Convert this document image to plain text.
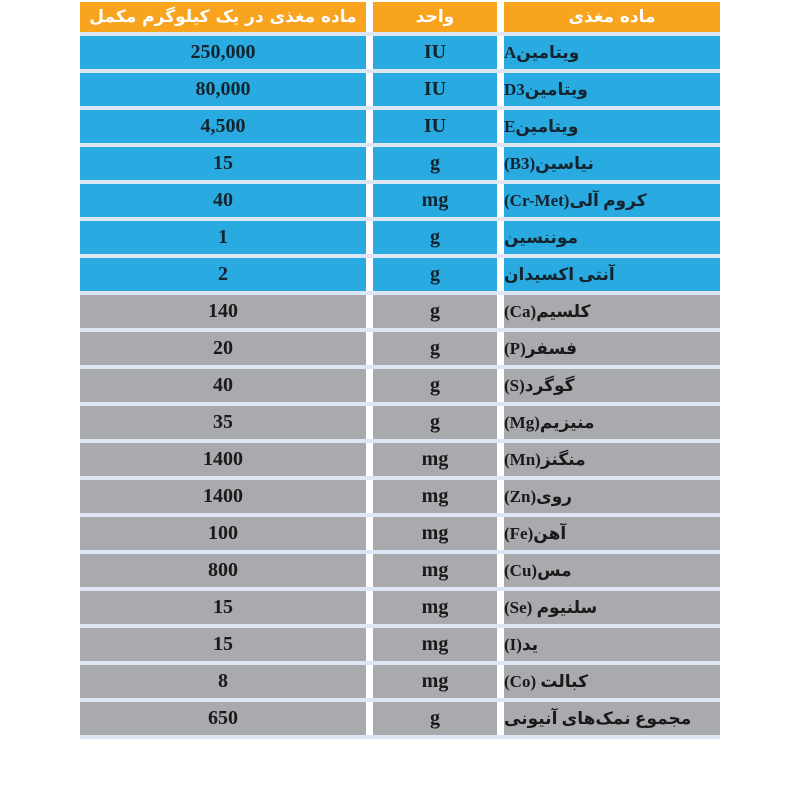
ماده مغذی در یک کیلوگرم مکمل	واحد	ماده مغذی
250,000	IU	ویتامینA
80,000	IU	ویتامینD3
4,500	IU	ویتامینE
15	g	نیاسین(B3)
40	mg	کروم آلی(Cr-Met)
1	g	موننسین
2	g	آنتی اکسیدان
140	g	کلسیم(Ca)
20	g	فسفر(P)
40	g	گوگرد(S)
35	g	منیزیم(Mg)
1400	mg	منگنز(Mn)
1400	mg	روی(Zn)
100	mg	آهن(Fe)
800	mg	مس(Cu)
15	mg	سلنیوم (Se)
15	mg	ید(I)
8	mg	کبالت (Co)
650	g	مجموع نمک‌های آنیونی
